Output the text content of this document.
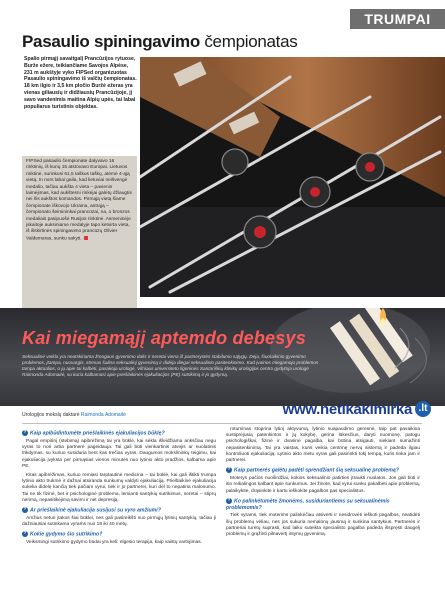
TRUMPAI
Pasaulio spiningavimo čempionatas
Spalio pirmąjį savaitgalį Prancūzijos rytuose, Burže ežere, teikiančiame Savojos Alpėse, 231 m aukštyje vyko FIPSed organizuotas Pasaulio spiningavimo iš valčių čempionatas. 18 km ilgio ir 3,5 km pločio Buržė ežeras yra vienas giliausių ir didžiausių Prancūzijoje, jį savo vandenimis maitina Alpių upės, tai labai populiarus turistinis objektas.
FIPSed pasaulio čempionate dalyvavo 16 rinktinių, iš kurių 15 atstovavo Europai. Lietuvos rinktinė, surinkusi 61,5 taškus taškų, atėmė 4-ąją vietą. In nors labai gaila, kad lietuviai neišvengė medalio, tačiau aukšta 4 vieta – pavienis laimėjimas, kad aukštesni rinkėjai galėtų džiaugtis nei šis aukštos komandos. Pirmąją vietą šiame čempionate iškovojo Ukraina, antrąją – čempionato šeimininkai prancūzai, na, o bronzos medaliais pasipuošė Rusijos rinktinė. Asmeninėje įskaitoje auksiniame medalyje tapo ketvirta vieta, iš išskirtinės spiningavimo prancūzų Olivier Valdemaras, sunku sakyti.
Kai miegamąjį aptemdo debesys
Seksualinė veikla yra neatskiriama žmogaus gyvenimo dalis ir neretai viena iš partnerystės stabilumo sąlygų. Deja, šiuolaikinio gyvenimo problemos, įtampa, nuovargis, stresas šalina seksualinį gyvenimą ir didėja diegai seksualinio pasitenkinimo. Kad įvairios miegamojo problemos tampa aktualios, o jų apie tai kalbėti, pasakoja urologė, Vilniaus universiteto ligoninės Santariškių klinikų urologijos centro gydytoja urologė Raimonda Adomaitė, su kuria kalbamasi apie priešlaikinės ejakuliacijos (PE) sutrikimą ir jo gydymą.
Urologijos mokslų daktarė Raimonda Adomaitė	www.netikakimirka .lt
? Kaip apibūdintumėte priešlaikinės ejakuliacijos būklę?

Pagal empirinį (stebimą) apibrėžimą tai yra būklė, kai sėkla išleidžiama anksčiau negu vyras to nori arba partnerė pageidauja. Tai gali būti vienkartinis atvejis ar nuolatinis trikdymas, su kuriuo susiduria bent kas trečias vyras. Daugumos mokslininkų teigimu, kai ejakuliacija įvyksta per pirmąsias vienos minutės nuo lytinio akto pradžios, kalbama apie PE.

Kitas apibrėžimas, kuriuo remiasi tarptautinė medicina – tai būklė, kai gali ištikti trumpa lytinio akto trukmė ir dažnai atsiranda sunkumų valdyti ejakuliaciją. Priešlaikinė ejakuliacija sukelia didelę kančią tiek pačiam vyrui, tiek ir jo partnerei, kuri dėl to nepatiria malonumo. Tai ne tik fizinė, bet ir psichologinė problema, lemianti santykių sutrikimus, neretai – stiprų nerimą, nepasitikėjimą savimi ir net depresiją.

? Ar priešlaikinė ejakuliacija susijusi su vyro amžiumi?

Amžius neturi įtakos šiai būklei, nes gali pasireikšti nuo pirmųjų lytinių santykių, tačiau ji dažniausiai sutinkama vyrams nuo 18 iki 40 metų.

? Kokie gydymo šio sutrikimo?

Veiksmingi sutrikimo gydymo būdai yra keli: elgesio terapija, kaip vaistų vartojimas.

rotuminas stoprina lytinį aktyvumą, lytinio suapaudimo geresnė, taip pat pavaikina sustiprėjusią patenkintos ir jų kokybę, gerina lūkesčius, daryti nuomonę, patogu psichologiškai, fizinė ir dvasinė pagalba, kai būtina atsigauti, siekiant sumažinti nepasitenkinimą. Tai yra vaistas, kuris veikia centrinę nervų sistemą ir padeda ilgiau kontroliuoti ejakuliaciją. Lytinio akto metu vyras gali pasirinkti tokį tempą, kuris tinka jam ir partnerei.

? Kaip partnerės galėtų padėti sprendžiant šią seksualinę problemą?

Moterys pačios nuoširdžiai, kokios seksualinio patirties įtraukti nuolatos. Jos gali būti ir itin reikalingos kalbant apie sunkumus. Jei žinote, kad vyrui sunku pakalbėti apie problemą, palaikykite, drąsinkite ir kartu ieškokite pagalbos pas specialistus.

? Ko palinkėtumėte žmonėms, susiduriantiems su seksualinėmis problemomis?

Tiek vyrams, tiek moterims palinkėčiau atsiverti ir nesidrovėti ieškoti pagalbos, neatidėti šių problemų vėliau, nes jos sukuria nemalonų jausmą ir sunkina santykius. Partnerės ir partneriai turėtų suprasti, kad laiku suteikta specialisto pagalba padeda išspręsti daugelį problemų ir grąžinti pilnavertį intymų gyvenimą.
